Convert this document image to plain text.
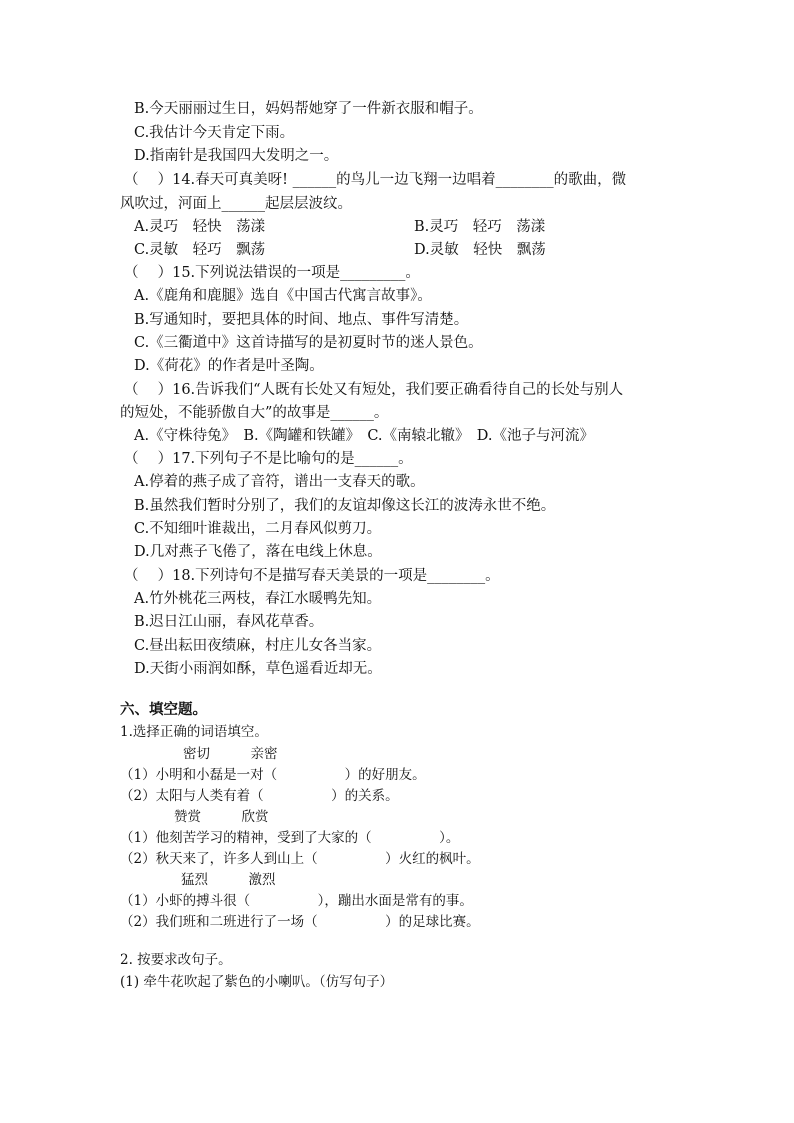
B.今天丽丽过生日，妈妈帮她穿了一件新衣服和帽子。
C.我估计今天肯定下雨。
D.指南针是我国四大发明之一。
（　 ）14.春天可真美呀! ______的鸟儿一边飞翔一边唱着________的歌曲，微
风吹过，河面上______起层层波纹。
A.灵巧　轻快　荡漾	B.灵巧　轻巧　荡漾
C.灵敏　轻巧　飘荡	D.灵敏　轻快　飘荡
（　 ）15.下列说法错误的一项是_________。
A.《鹿角和鹿腿》选自《中国古代寓言故事》。
B.写通知时，要把具体的时间、地点、事件写清楚。
C.《三衢道中》这首诗描写的是初夏时节的迷人景色。
D.《荷花》的作者是叶圣陶。
（　 ）16.告诉我们“人既有长处又有短处，我们要正确看待自己的长处与别人
的短处，不能骄傲自大”的故事是______。
A.《守株待兔》　B.《陶罐和铁罐》　C.《南辕北辙》　D.《池子与河流》
（　 ）17.下列句子不是比喻句的是______。
A.停着的燕子成了音符，谱出一支春天的歌。
B.虽然我们暂时分别了，我们的友谊却像这长江的波涛永世不绝。
C.不知细叶谁裁出，二月春风似剪刀。
D.几对燕子飞倦了，落在电线上休息。
（　 ）18.下列诗句不是描写春天美景的一项是________。
A.竹外桃花三两枝，春江水暖鸭先知。
B.迟日江山丽，春风花草香。
C.昼出耘田夜绩麻，村庄儿女各当家。
D.天街小雨润如酥，草色遥看近却无。
六、填空题。
1.选择正确的词语填空。
密切　　　亲密
（1）小明和小磊是一对（　　　　　）的好朋友。
（2）太阳与人类有着（　　　　　）的关系。
赞赏　　　欣赏
（1）他刻苦学习的精神，受到了大家的（　　　　　）。
（2）秋天来了，许多人到山上（　　　　　）火红的枫叶。
猛烈　　　激烈
（1）小虾的搏斗很（　　　　　），蹦出水面是常有的事。
（2）我们班和二班进行了一场（　　　　　）的足球比赛。
2. 按要求改句子。
(1) 牵牛花吹起了紫色的小喇叭。（仿写句子）
